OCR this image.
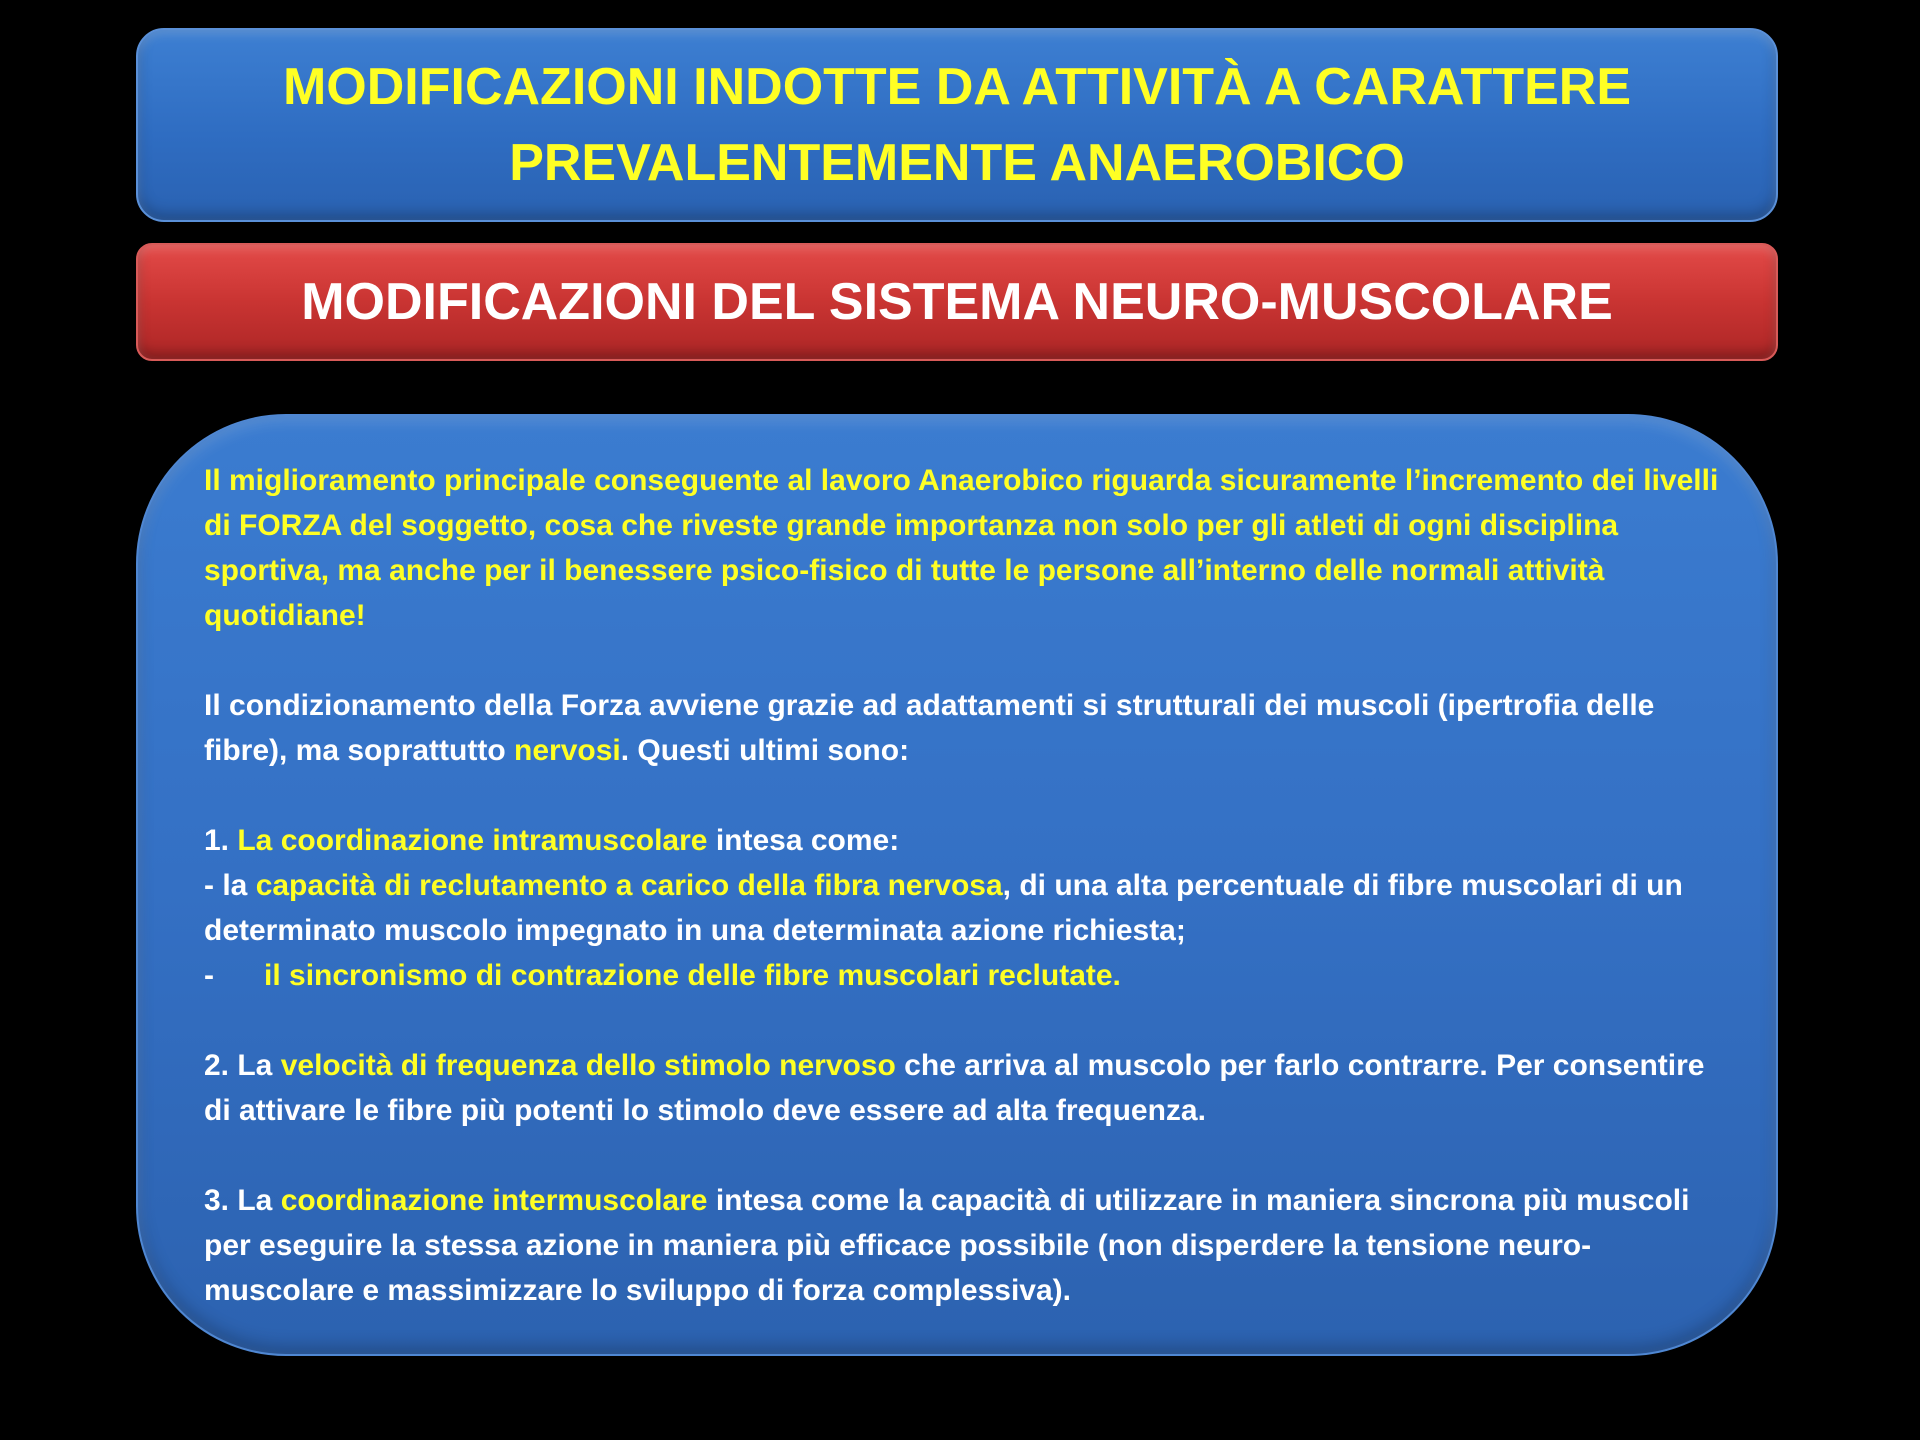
MODIFICAZIONI INDOTTE DA ATTIVITÀ A CARATTERE
PREVALENTEMENTE ANAEROBICO
MODIFICAZIONI DEL SISTEMA NEURO-MUSCOLARE

Il miglioramento principale conseguente al lavoro Anaerobico riguarda sicuramente l’incremento dei livelli di FORZA del soggetto, cosa che riveste grande importanza non solo per gli atleti di ogni disciplina sportiva, ma anche per il benessere psico-fisico di tutte le persone all’interno delle normali attività quotidiane!

Il condizionamento della Forza avviene grazie ad adattamenti si strutturali dei muscoli (ipertrofia delle fibre), ma soprattutto nervosi. Questi ultimi sono:

1. La coordinazione intramuscolare intesa come:

- la capacità di reclutamento a carico della fibra nervosa, di una alta percentuale di fibre muscolari di un determinato muscolo impegnato in una determinata azione richiesta;

- il sincronismo di contrazione delle fibre muscolari reclutate.

2. La velocità di frequenza dello stimolo nervoso che arriva al muscolo per farlo contrarre. Per consentire di attivare le fibre più potenti lo stimolo deve essere ad alta frequenza.

3. La coordinazione intermuscolare intesa come la capacità di utilizzare in maniera sincrona più muscoli per eseguire la stessa azione in maniera più efficace possibile (non disperdere la tensione neuro-muscolare e massimizzare lo sviluppo di forza complessiva).
